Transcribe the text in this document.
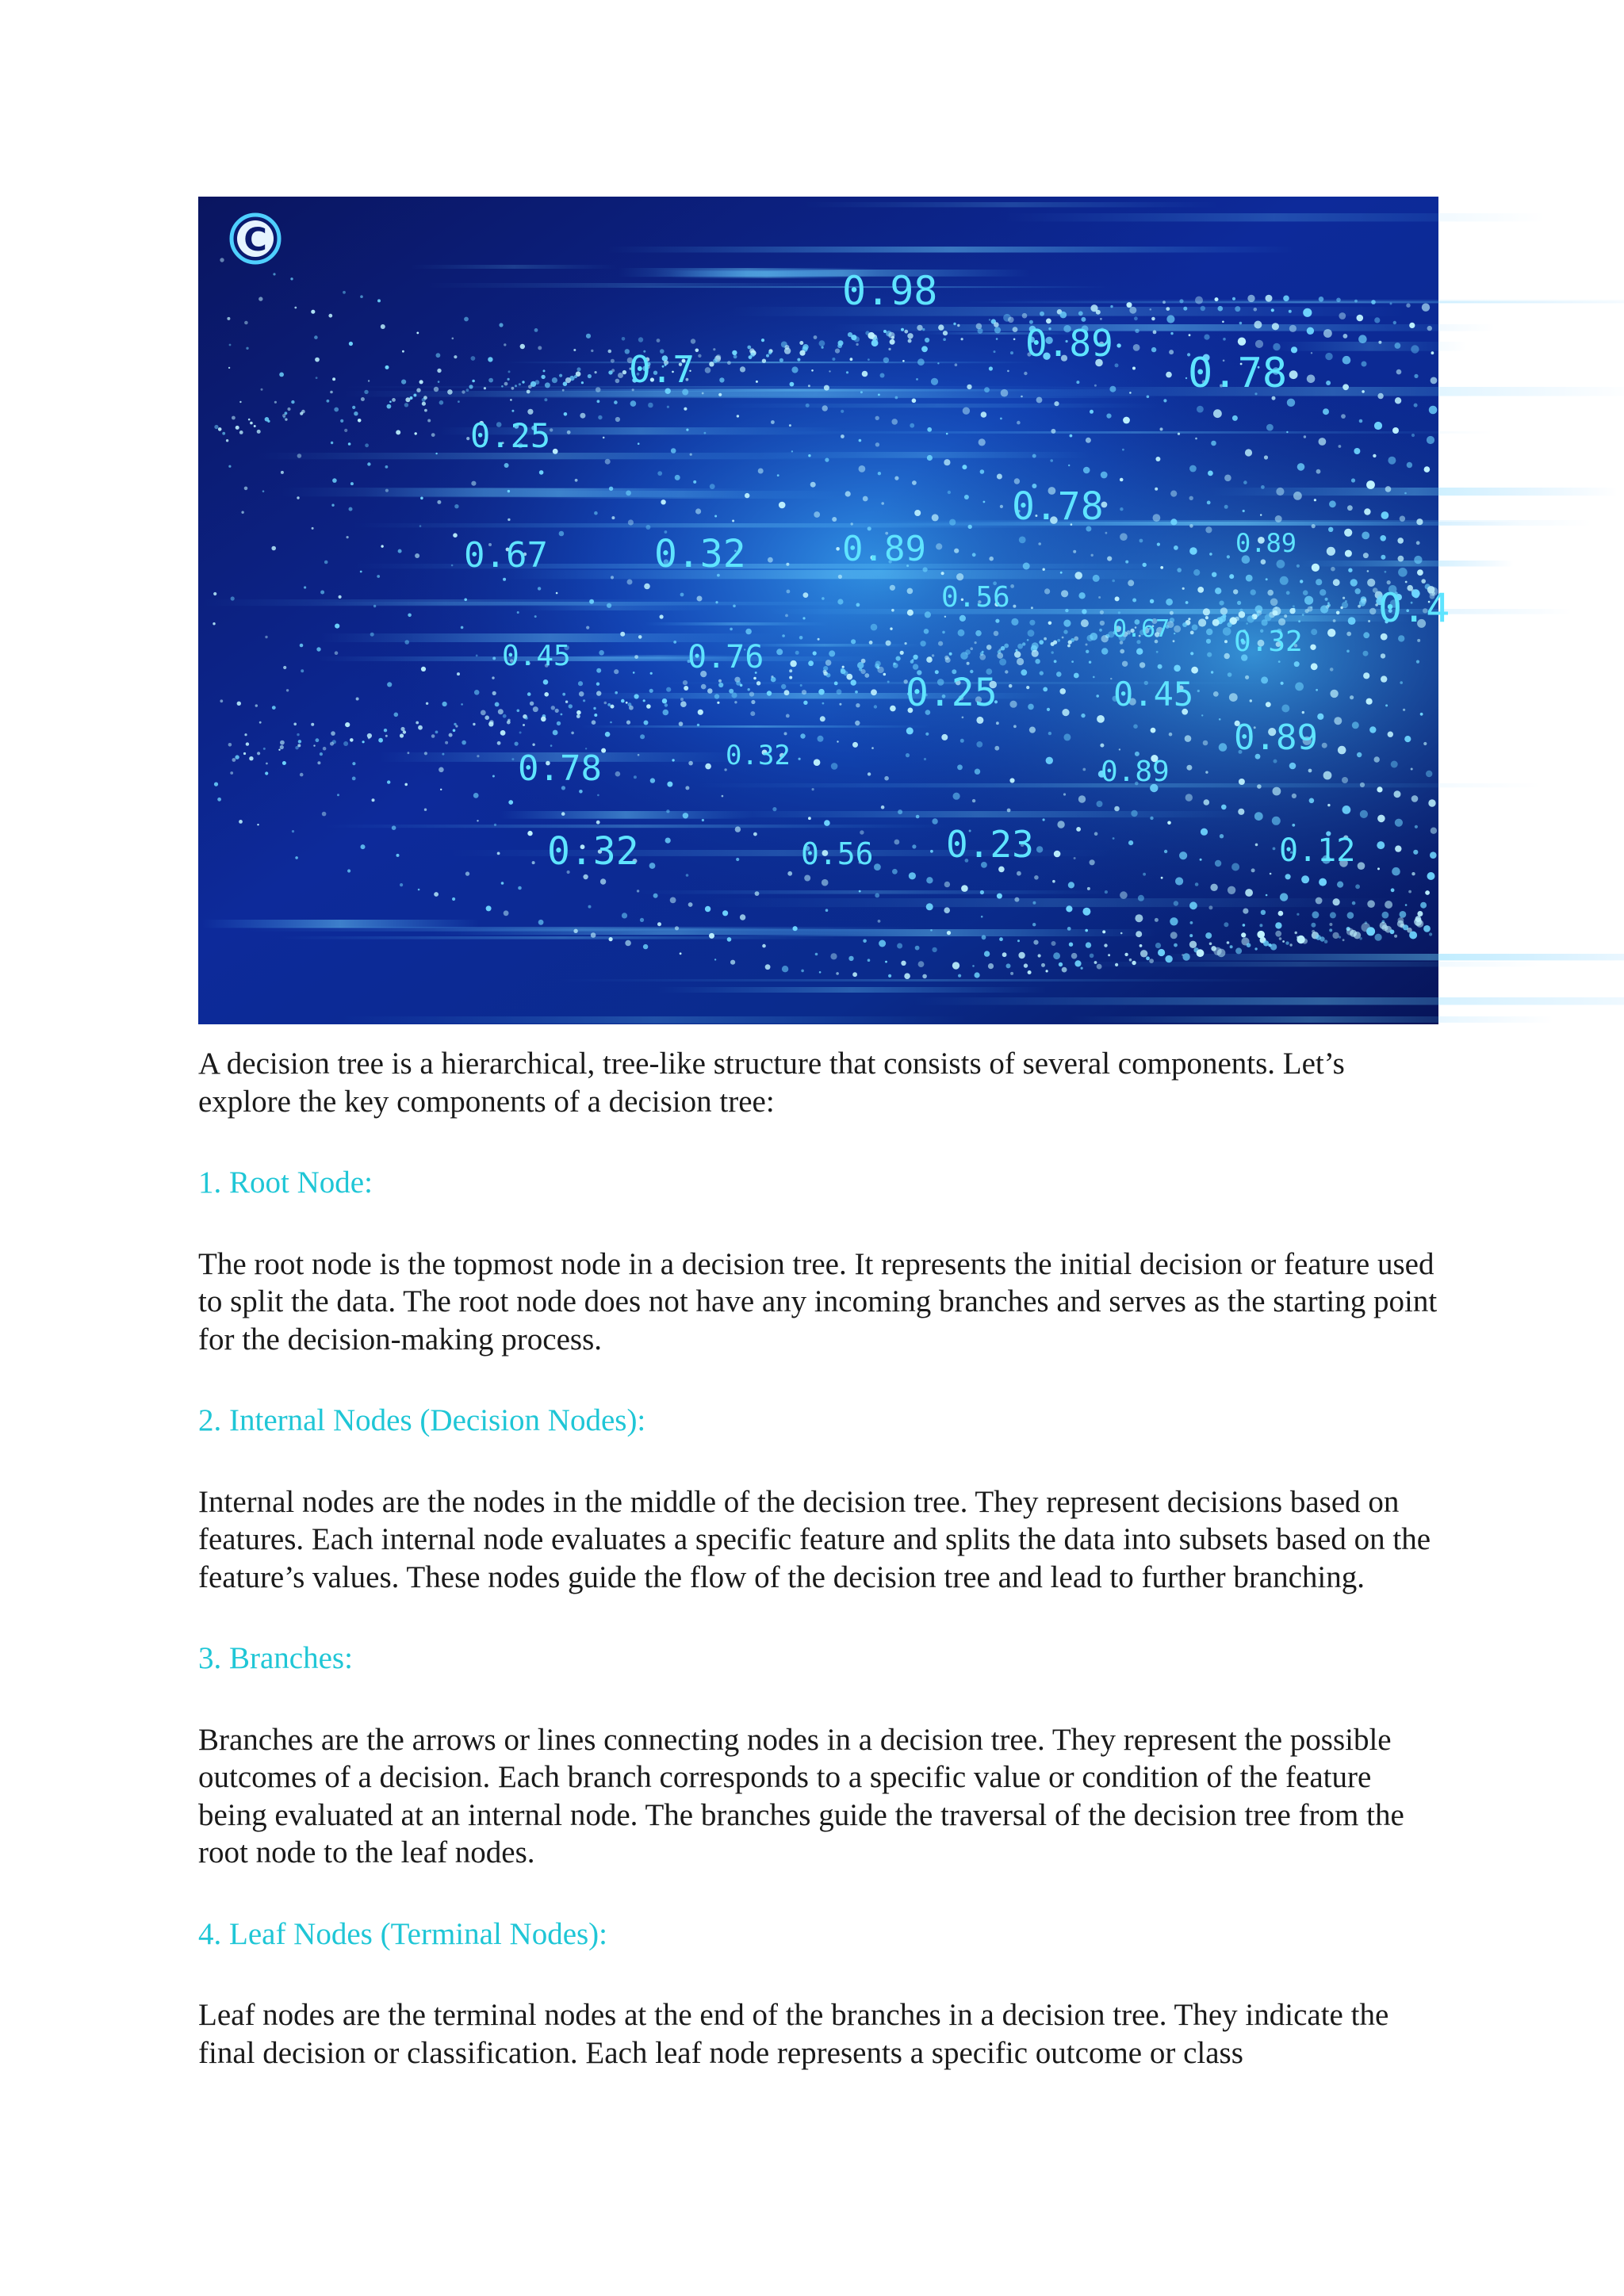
0.98
0.89
0.78
0.7
0.25
0.78
0.67	0.32	0.89	0.89
0.56	0.4
0.45	0.76
0.67 0.32
0.25	0.45
0.89
0.78	0.32	0.89
0.32	0.56 0.23	0.12
C

A decision tree is a hierarchical, tree-like structure that consists of several components. Let’s explore the key components of a decision tree:

1. Root Node:

The root node is the topmost node in a decision tree. It represents the initial decision or feature used to split the data. The root node does not have any incoming branches and serves as the starting point for the decision-making process.

2. Internal Nodes (Decision Nodes):

Internal nodes are the nodes in the middle of the decision tree. They represent decisions based on features. Each internal node evaluates a specific feature and splits the data into subsets based on the feature’s values. These nodes guide the flow of the decision tree and lead to further branching.

3. Branches:

Branches are the arrows or lines connecting nodes in a decision tree. They represent the possible outcomes of a decision. Each branch corresponds to a specific value or condition of the feature being evaluated at an internal node. The branches guide the traversal of the decision tree from the root node to the leaf nodes.

4. Leaf Nodes (Terminal Nodes):

Leaf nodes are the terminal nodes at the end of the branches in a decision tree. They indicate the final decision or classification. Each leaf node represents a specific outcome or class
